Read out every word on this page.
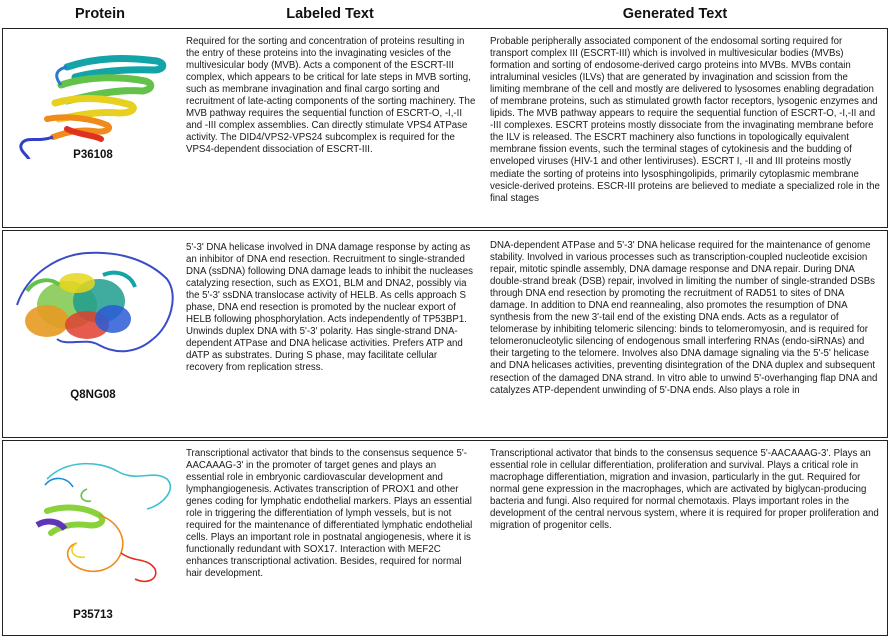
Protein	Labeled Text	Generated Text
P36108
Required for the sorting and concentration of proteins resulting in the entry of these proteins into the invaginating vesicles of the multivesicular body (MVB). Acts a component of the ESCRT-III complex, which appears to be critical for late steps in MVB sorting, such as membrane invagination and final cargo sorting and recruitment of late-acting components of the sorting machinery. The MVB pathway requires the sequential function of ESCRT-O, -I,-II and -III complex assemblies. Can directly stimulate VPS4 ATPase activity. The DID4/VPS2-VPS24 subcomplex is required for the VPS4-dependent dissociation of ESCRT-III.
Probable peripherally associated component of the endosomal sorting required for transport complex III (ESCRT-III) which is involved in multivesicular bodies (MVBs) formation and sorting of endosome-derived cargo proteins into MVBs. MVBs contain intraluminal vesicles (ILVs) that are generated by invagination and scission from the limiting membrane of the cell and mostly are delivered to lysosomes enabling degradation of membrane proteins, such as stimulated growth factor receptors, lysogenic enzymes and lipids. The MVB pathway appears to require the sequential function of ESCRT-O, -I,-II and -III complexes. ESCRT proteins mostly dissociate from the invaginating membrane before the ILV is released. The ESCRT machinery also functions in topologically equivalent membrane fission events, such the terminal stages of cytokinesis and the budding of enveloped viruses (HIV-1 and other lentiviruses). ESCRT I, -II and III proteins mostly mediate the sorting of proteins into lysosphingolipids, primarily cytoplasmic membrane vesicle-derived proteins. ESCR-III proteins are believed to mediate a specialized role in the final stages
Q8NG08
5'-3' DNA helicase involved in DNA damage response by acting as an inhibitor of DNA end resection. Recruitment to single-stranded DNA (ssDNA) following DNA damage leads to inhibit the nucleases catalyzing resection, such as EXO1, BLM and DNA2, possibly via the 5'-3' ssDNA translocase activity of HELB. As cells approach S phase, DNA end resection is promoted by the nuclear export of HELB following phosphorylation. Acts independently of TP53BP1. Unwinds duplex DNA with 5'-3' polarity. Has single-strand DNA-dependent ATPase and DNA helicase activities. Prefers ATP and dATP as substrates. During S phase, may facilitate cellular recovery from replication stress.
DNA-dependent ATPase and 5'-3' DNA helicase required for the maintenance of genome stability. Involved in various processes such as transcription-coupled nucleotide excision repair, mitotic spindle assembly, DNA damage response and DNA repair. During DNA double-strand break (DSB) repair, involved in limiting the number of single-stranded DSBs through DNA end resection by promoting the recruitment of RAD51 to sites of DNA damage. In addition to DNA end reannealing, also promotes the resumption of DNA synthesis from the new 3'-tail end of the existing DNA ends. Acts as a regulator of telomerase by inhibiting telomeric silencing: binds to telomeromyosin, and is required for telomeronucleotylic silencing of endogenous small interfering RNAs (endo-siRNAs) and their targeting to the telomere. Involves also DNA damage signaling via the 5'-5' helicase and DNA helicases activities, preventing disintegration of the DNA duplex and subsequent resection of the damaged DNA strand. In vitro able to unwind 5'-overhanging flap DNA and catalyzes ATP-dependent unwinding of 5'-DNA ends. Also plays a role in
P35713
Transcriptional activator that binds to the consensus sequence 5'-AACAAAG-3' in the promoter of target genes and plays an essential role in embryonic cardiovascular development and lymphangiogenesis. Activates transcription of PROX1 and other genes coding for lymphatic endothelial markers. Plays an essential role in triggering the differentiation of lymph vessels, but is not required for the maintenance of differentiated lymphatic endothelial cells. Plays an important role in postnatal angiogenesis, where it is functionally redundant with SOX17. Interaction with MEF2C enhances transcriptional activation. Besides, required for normal hair development.
Transcriptional activator that binds to the consensus sequence 5'-AACAAAG-3'. Plays an essential role in cellular differentiation, proliferation and survival. Plays a critical role in macrophage differentiation, migration and invasion, particularly in the gut. Required for normal gene expression in the macrophages, which are activated by biglycan-producing bacteria and fungi. Also required for normal chemotaxis. Plays important roles in the development of the central nervous system, where it is required for proper proliferation and migration of progenitor cells.
